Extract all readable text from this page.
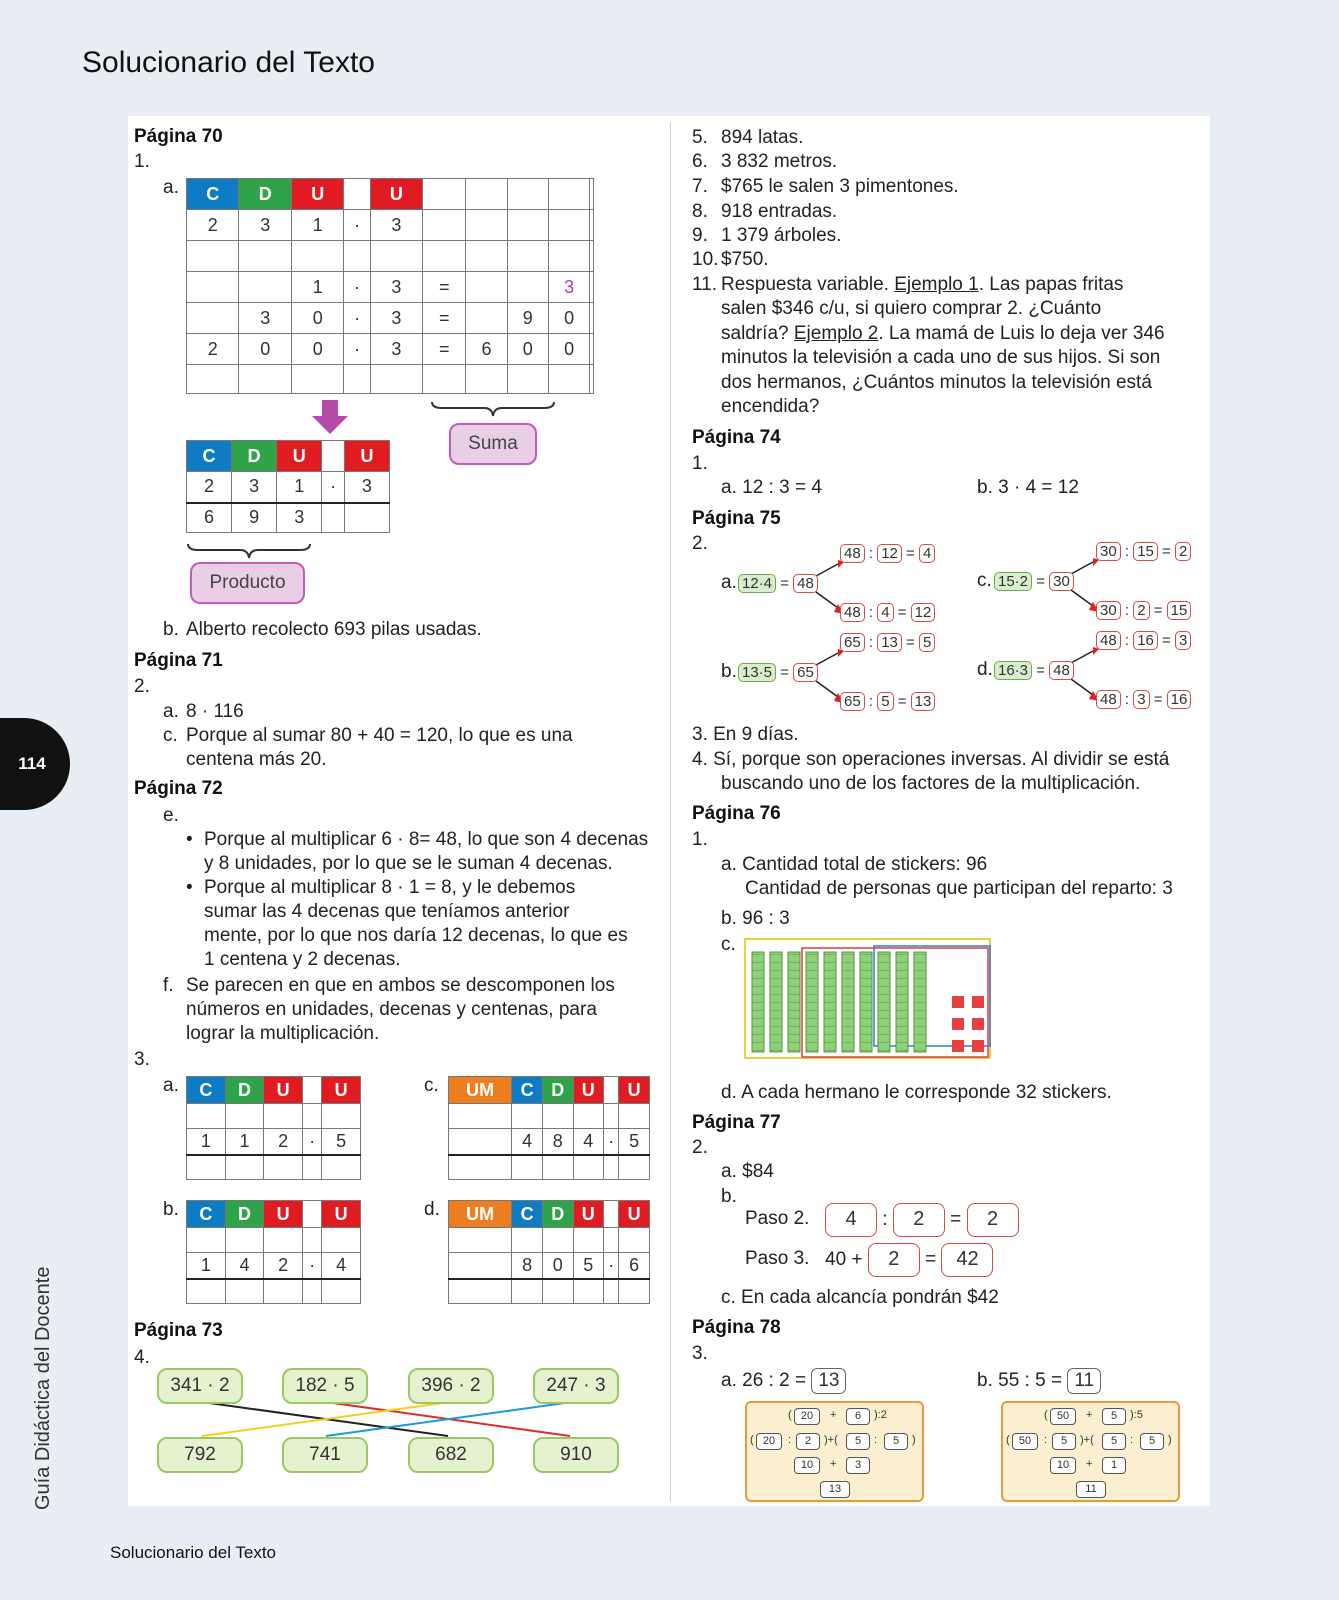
Solucionario del Texto
Guía Didáctica del Docente
114
Solucionario del Texto
Página 70
1.
a. C	D	U		U					
2	3	1	·	3					

		1	·	3	=			3	
	3	0	·	3	=		9	0	
2	0	0	·	3	=	6	0	0	

Suma
C	D	U		U
2	3	1	·	3
6	9	3		
Producto
b. Alberto recolecto 693 pilas usadas.
Página 71
2.
a. 8 · 116
c. Porque al sumar 80 + 40 = 120, lo que es una
centena más 20.
Página 72
e.
• Porque al multiplicar 6 · 8= 48, lo que son 4 decenas
y 8 unidades, por lo que se le suman 4 decenas.
• Porque al multiplicar 8 · 1 = 8, y le debemos
sumar las 4 decenas que teníamos anterior
mente, por lo que nos daría 12 decenas, lo que es
1 centena y 2 decenas.
f. Se parecen en que en ambos se descomponen los
números en unidades, decenas y centenas, para
lograr la multiplicación.
3.
a. C	D	U		U

1	1	2	·	5

b. C	D	U		U

1	4	2	·	4

c. UM	C	D	U		U

	4	8	4	·	5

d. UM	C	D	U		U

	8	0	5	·	6

Página 73
4.
341 · 2	182 · 5	396 · 2	247 · 3
792	741	682	910
5. 894 latas.
6. 3 832 metros.
7. $765 le salen 3 pimentones.
8. 918 entradas.
9. 1 379 árboles.
10. $750.
11. Respuesta variable. Ejemplo 1. Las papas fritas
salen $346 c/u, si quiero comprar 2. ¿Cuánto
saldría? Ejemplo 2. La mamá de Luis lo deja ver 346
minutos la televisión a cada uno de sus hijos. Si son
dos hermanos, ¿Cuántos minutos la televisión está
encendida?
Página 74
1.
a. 12 : 3 = 4	b. 3 · 4 = 12
Página 75
2.
a. 12·4 = 48
48 : 12 = 4
48 : 4 = 12
c. 15·2 = 30
30 : 15 = 2
30 : 2 = 15
b. 13·5 = 65
65 : 13 = 5
65 : 5 = 13
d. 16·3 = 48
48 : 16 = 3
48 : 3 = 16
3. En 9 días.
4. Sí, porque son operaciones inversas. Al dividir se está
buscando uno de los factores de la multiplicación.
Página 76
1.
a. Cantidad total de stickers: 96
Cantidad de personas que participan del reparto: 3
b. 96 : 3
c.
d. A cada hermano le corresponde 32 stickers.
Página 77
2.
a. $84
b.
Paso 2.	4 : 2 = 2
Paso 3. 40 + 2 = 42
c. En cada alcancía pondrán $42
Página 78
3.
a. 26 : 2 = 13	b. 55 : 5 = 11
( 20	+	6	):2
( 20	:	2	)+(	5	:	5	)
10	+	3
13
( 50	+	5	):5
( 50	:	5	)+(	5	:	5	)
10	+	1
11
